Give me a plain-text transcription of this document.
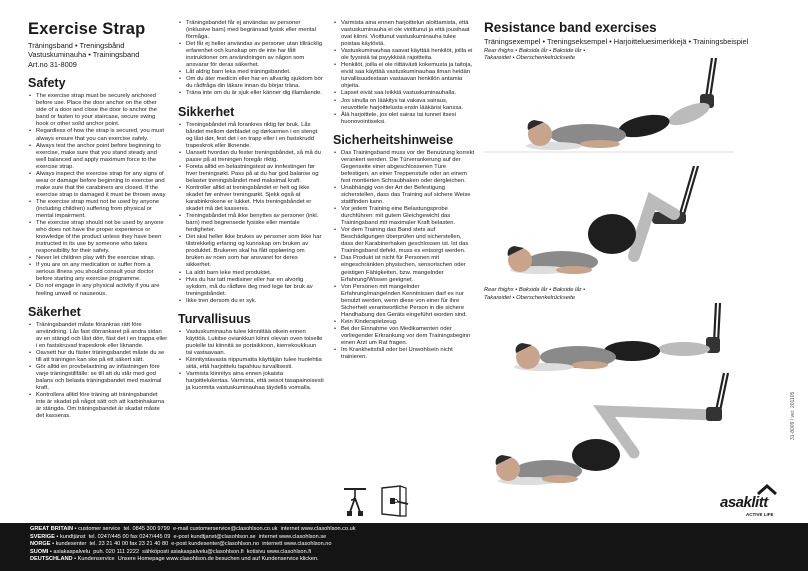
Exercise Strap
Träningsband • Treningsbånd
Vastuskuminauha • Trainingsband
Art.no 31-8009
Safety
• The exercise strap must be securely anchored before use. Place the door anchor on the other side of a door and close the door to anchor the band or fasten to your staircase, secure swing hook or other solid anchor point.
• Regardless of how the strap is secured, you must always ensure that you can exercise safely.
• Always test the anchor point before beginning to exercise, make sure that you stand steady and well balanced and apply maximum force to the exercise strap.
• Always inspect the exercise strap for any signs of wear or damage before beginning to exercise and make sure that the carabiners are closed. If the exercise strap is damaged it must be thrown away.
• The exercise strap must not be used by anyone (including children) suffering from physical or mental impairment.
• The exercise strap should not be used by anyone who does not have the proper experience or knowledge of the product unless they have been instructed in its use by someone who takes responsibility for their safety.
• Never let children play with the exercise strap.
• If you are on any medication or suffer from a serious illness you should consult your doctor before starting any exercise programme.
• Do not engage in any physical activity if you are feeling unwell or nauseous.
Säkerhet
• Träningsbandet måste förankras rätt före användning. Lås fast dörrankaret på andra sidan av en stängd och låst dörr, fäst det i en trappa eller i en fastskruvad trapeskrok eller liknande.
• Oavsett hur du fäster träningsbandet måste du se till att träningen kan ske på ett säkert sätt.
• Gör alltid en provbelastning av infästningen före varje träningstillfälle: se till att du står med god balans och belasta träningsbandet med maximal kraft.
• Kontrollera alltid före träning att träningsbandet inte är skadat på något sätt och att karbinhakarna är stängda. Om träningsbandet är skadat måste det kasseras.
• Träningsbandet får ej användas av personer (inklusive barn) med begränsad fysisk eller mental förmåga.
• Det får ej heller användas av personer utan tillräcklig erfarenhet och kunskap om de inte har fått instruktioner om användningen av någon som ansvarar för deras säkerhet.
• Låt aldrig barn leka med träningsbandet.
• Om du äter medicin eller har en allvarlig sjukdom bör du rådfråga din läkare innan du börjar träna.
• Träna inte om du är sjuk eller känner dig illamående.
Sikkerhet
• Treningsbåndet må forankres riktig før bruk. Lås båndet mellom dørbladet og dørkarmen i en stengt og låst dør, fest det i en trapp eller i en fastskrudd trapeskrok eller liknende.
• Uansett hvordan du fester treningsbåndet, så må du passe på at treningen foregår riktig.
• Foreta alltid en belastningstest av innfestingen før hver treningsøkt. Pass på at du har god balanse og belaster treningsbåndet med maksimal kraft.
• Kontroller alltid at treningsbåndet er helt og ikke skadet før enhver treningsøkt. Sjekk også at karabinkrokene er lukket. Hvis treningsbåndet er skadet må det kasseres.
• Treningsbåndet må ikke benyttes av personer (inkl. barn) med begrensede fysiske eller mentale ferdigheter.
• Det skal heller ikke brukes av personer som ikke har tilstrekkelig erfaring og kunnskap om bruken av produktet. Brukeren skal ha fått opplæring om bruken av noen som har ansvaret for deres sikkerhet.
• La aldri barn leke med produktet.
• Hvis du har tatt medisiner eller har en alvorlig sykdom, må du rådføre deg med lege før bruk av treningsbåndet.
• Ikke tren dersom du er syk.
Turvallisuus
• Vastuskuminauha tulee kiinnittää oikein ennen käyttöä. Lukitse oviankkuri kiinni olevan oven toiselle puolelle tai kiinnitä se portaikkoon, kierrekoukkuun tai vastaavaan.
• Kiinnitystavasta riippumatta käyttäjän tulee huolehtia siitä, että harjoittelu tapahtuu turvallisesti.
• Varmista kiinnitys aina ennen jokaista harjoittelukertaa. Varmista, että seisot tasapainoisesti ja kuormita vastuskuminauhaa täydellä voimalla.
• Varmista aina ennen harjoittelun aloittamista, että vastuskuminauha ei ole vioittunut ja että jousihaat ovat kiinni. Vioittunut vastuskuminauha tulee poistaa käytöstä.
• Vastuskuminauhaa saavat käyttää henkilöt, joilla ei ole fyysisiä tai psyykkisiä rajoitteita.
• Henkilöt, joilla ei ole riittävästi kokemusta ja taitoja, eivät saa käyttää vastuskuminauhaa ilman heidän turvallisuudestaan vastaavan henkilön antamia ohjeita.
• Lapset eivät saa leikkiä vastuskuminauhalla.
• Jos sinulla on lääkitys tai vakava sairaus, neuvottele harjoittelusta ensin lääkärisi kanssa.
• Älä harjoittele, jos olet sairas tai tunnet itsesi huonovointiseksi.
Sicherheitshinweise
• Das Trainingsband muss vor der Benutzung korrekt verankert werden. Die Türverankerung auf der Gegenseite einer abgeschlossenen Türe befestigen, an einer Treppenstufe oder an einem fest montierten Schraubhaken oder dergleichen.
• Unabhängig von der Art der Befestigung sicherstellen, dass das Training auf sichere Weise stattfinden kann.
• Vor jedem Training eine Belastungsprobe durchführen: mit gutem Gleichgewicht das Trainingsband mit maximaler Kraft belasten.
• Vor dem Training das Band stets auf Beschädigungen überprüfen und sicherstellen, dass der Karabinerhaken geschlossen ist. Ist das Trainingsband defekt, muss es entsorgt werden.
• Das Produkt ist nicht für Personen mit eingeschränkten physischen, sensorischen oder geistigen Fähigkeiten, bzw. mangelnder Erfahrung/Wissen geeignet.
• Von Personen mit mangelnder Erfahrung/mangelnden Kenntnissen darf es nur benutzt werden, wenn diese von einer für ihre Sicherheit verantwortliche Person in die sichere Handhabung des Geräts eingeführt worden sind.
• Kein Kinderspielzeug.
• Bei der Einnahme von Medikamenten oder vorliegender Erkrankung vor dem Trainingsbeginn einen Arzt um Rat fragen.
• Im Krankheitsfall oder bei Unwohlsein nicht trainieren.
Resistance band exercises
Träningsexempel • Treningseksempel • Harjoitteluesimerkkejä • Trainingsbeispiel
Rear thighs • Baksida lår • Bakside lår •
Takareidet • Oberschenkelrückseite
Rear thighs • Baksida lår • Bakside lår •
Takareidet • Oberschenkelrückseite
asaklitt
ACTIVE LIFE
31-8009 / ver. 201105
GREAT BRITAIN • customer service tel. 0845 300 9799 e-mail customerservice@clasohlson.co.uk internet www.clasohlson.co.uk
SVERIGE • kundtjänst tel. 0247/445 00 fax 0247/445 09 e-post kundtjanst@clasohlson.se internet www.clasohlson.se
NORGE • kundesenter tel. 23 21 40 00 fax 23 21 40 80 e-post kundesenter@clasohlson.no internett www.clasohlson.no
SUOMI • asiakaspalvelu puh. 020 111 2222 sähköposti asiakaspalvelu@clasohlson.fi kotisivu www.clasohlson.fi
DEUTSCHLAND • Kundenservice Unsere Homepage www.clasohlson.de besuchen und auf Kundenservice klicken.
